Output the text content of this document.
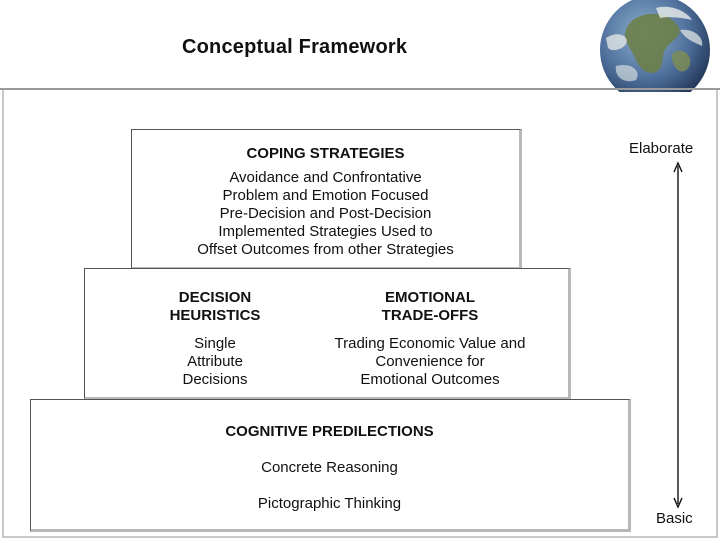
Conceptual Framework
COPING STRATEGIES
Avoidance and Confrontative
Problem and Emotion Focused
Pre-Decision and Post-Decision
Implemented Strategies Used to
Offset Outcomes from other Strategies
DECISION
HEURISTICS
Single
Attribute
Decisions
EMOTIONAL
TRADE-OFFS
Trading Economic Value and
Convenience for
Emotional Outcomes
COGNITIVE PREDILECTIONS
Concrete Reasoning
Pictographic Thinking
Elaborate
Basic
